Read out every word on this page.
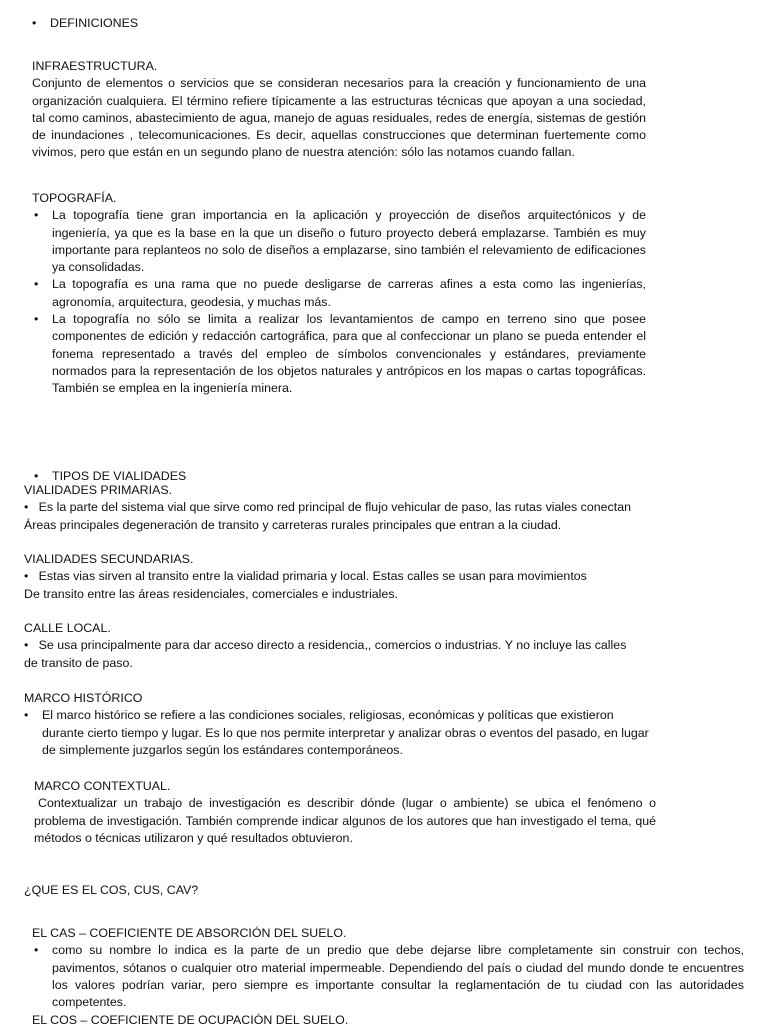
• DEFINICIONES

INFRAESTRUCTURA.

Conjunto de elementos o servicios que se consideran necesarios para la creación y funcionamiento de una organización cualquiera. El término refiere típicamente a las estructuras técnicas que apoyan a una sociedad, tal como caminos, abastecimiento de agua, manejo de aguas residuales, redes de energía, sistemas de gestión de inundaciones , telecomunicaciones. Es decir, aquellas construcciones que determinan fuertemente como vivimos, pero que están en un segundo plano de nuestra atención: sólo las notamos cuando fallan.

TOPOGRAFÍA.

• La topografía tiene gran importancia en la aplicación y proyección de diseños arquitectónicos y de ingeniería, ya que es la base en la que un diseño o futuro proyecto deberá emplazarse. También es muy importante para replanteos no solo de diseños a emplazarse, sino también el relevamiento de edificaciones ya consolidadas.
• La topografía es una rama que no puede desligarse de carreras afines a esta como las ingenierías, agronomía, arquitectura, geodesia, y muchas más.
• La topografía no sólo se limita a realizar los levantamientos de campo en terreno sino que posee componentes de edición y redacción cartográfica, para que al confeccionar un plano se pueda entender el fonema representado a través del empleo de símbolos convencionales y estándares, previamente normados para la representación de los objetos naturales y antrópicos en los mapas o cartas topográficas. También se emplea en la ingeniería minera.
• TIPOS DE VIALIDADES

VIALIDADES PRIMARIAS.

• Es la parte del sistema vial que sirve como red principal de flujo vehicular de paso, las rutas viales conectan

Áreas principales degeneración de transito y carreteras rurales principales que entran a la ciudad.

VIALIDADES SECUNDARIAS.

• Estas vias sirven al transito entre la vialidad primaria y local. Estas calles se usan para movimientos

De transito entre las áreas residenciales, comerciales e industriales.

CALLE LOCAL.

• Se usa principalmente para dar acceso directo a residencia,, comercios o industrias. Y no incluye las calles

de transito de paso.

MARCO HISTÓRICO

• El marco histórico se refiere a las condiciones sociales, religiosas, económicas y políticas que existieron durante cierto tiempo y lugar. Es lo que nos permite interpretar y analizar obras o eventos del pasado, en lugar de simplemente juzgarlos según los estándares contemporáneos.

MARCO CONTEXTUAL.

Contextualizar un trabajo de investigación es describir dónde (lugar o ambiente) se ubica el fenómeno o problema de investigación. También comprende indicar algunos de los autores que han investigado el tema, qué métodos o técnicas utilizaron y qué resultados obtuvieron.

¿QUE ES EL COS, CUS, CAV?

EL CAS – COEFICIENTE DE ABSORCIÓN DEL SUELO.

• como su nombre lo indica es la parte de un predio que debe dejarse libre completamente sin construir con techos, pavimentos, sótanos o cualquier otro material impermeable. Dependiendo del país o ciudad del mundo donde te encuentres los valores podrían variar, pero siempre es importante consultar la reglamentación de tu ciudad con las autoridades competentes.
EL COS – COEFICIENTE DE OCUPACIÓN DEL SUELO.
